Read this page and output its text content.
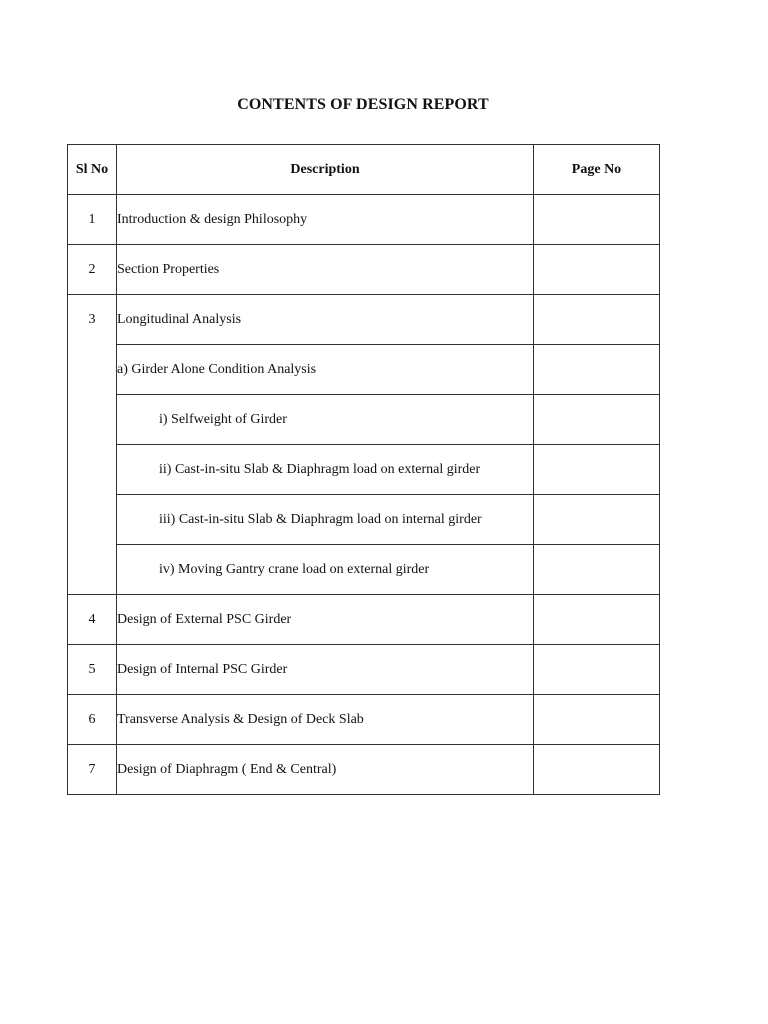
CONTENTS OF DESIGN REPORT
Sl No	Description	Page No
1	Introduction & design Philosophy	
2	Section Properties	
3	Longitudinal Analysis	
	a) Girder Alone Condition Analysis	
	i) Selfweight of Girder	
	ii) Cast-in-situ Slab & Diaphragm load on external girder	
	iii) Cast-in-situ Slab & Diaphragm load on internal girder	
	iv) Moving Gantry crane load on external girder	
4	Design of External PSC Girder	
5	Design of Internal PSC Girder	
6	Transverse Analysis & Design of Deck Slab	
7	Design of Diaphragm ( End & Central)	
